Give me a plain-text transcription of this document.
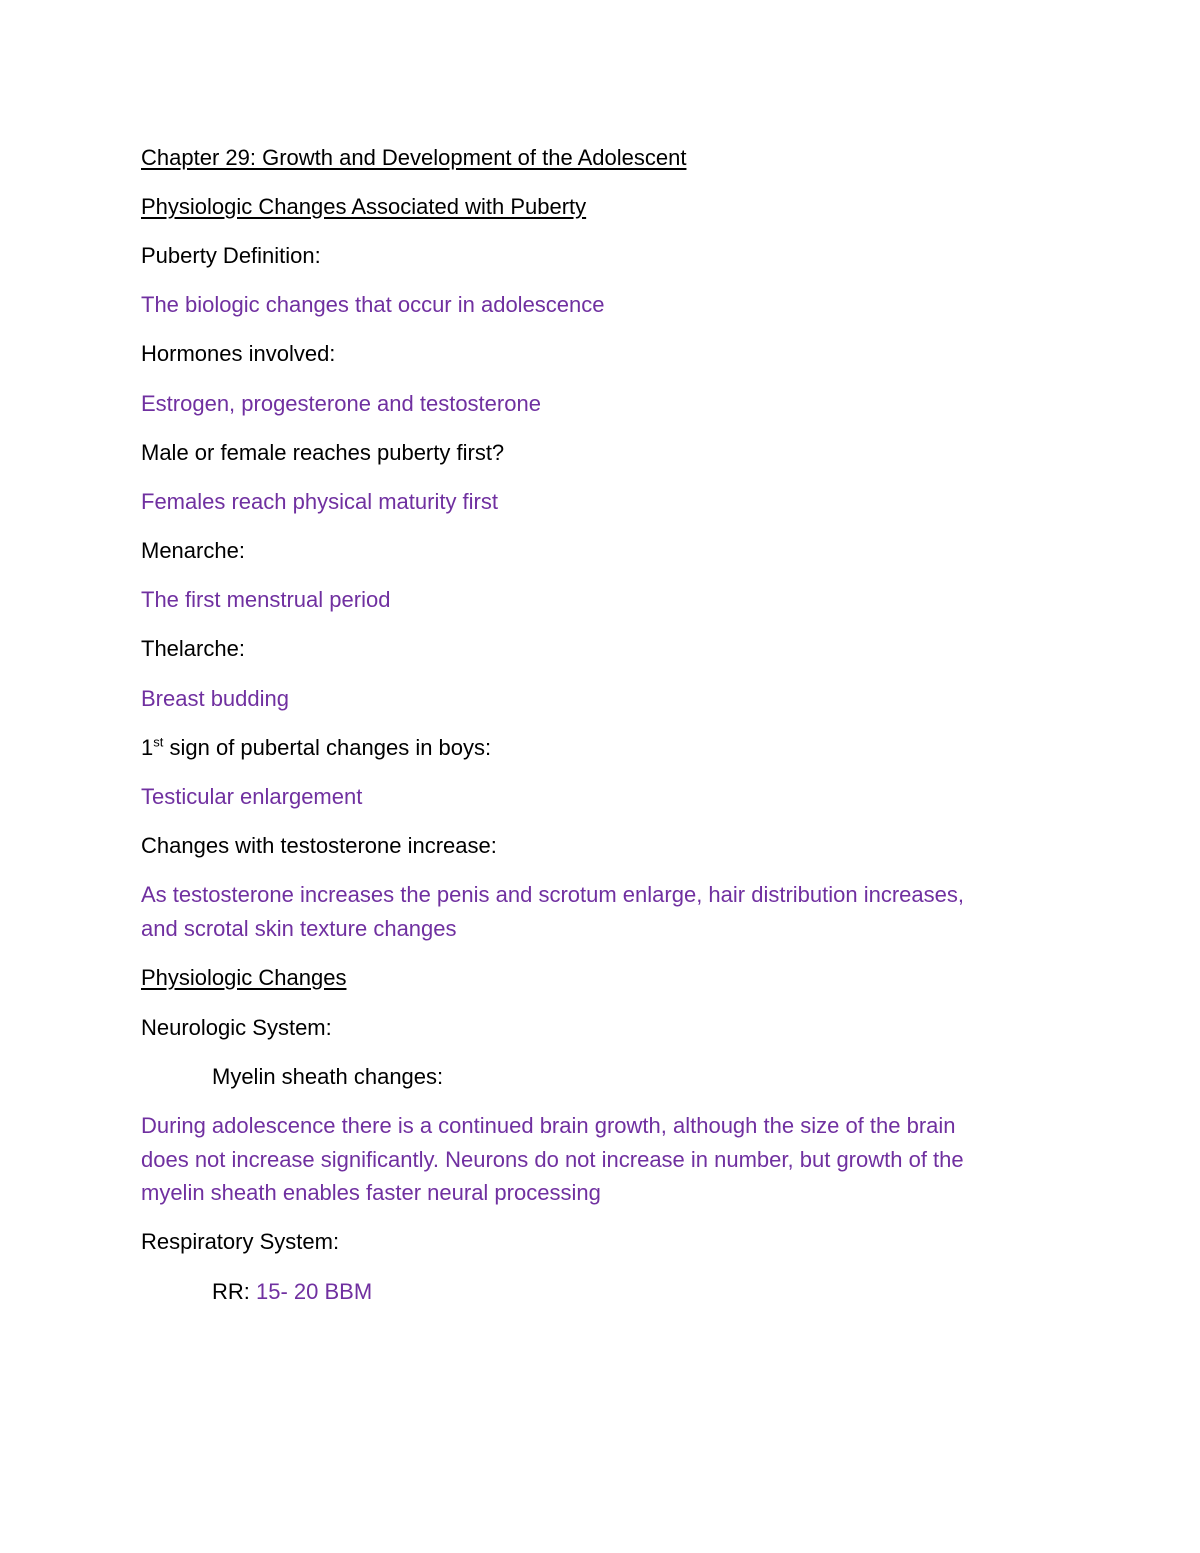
Chapter 29: Growth and Development of the Adolescent
Physiologic Changes Associated with Puberty
Puberty Definition:
The biologic changes that occur in adolescence
Hormones involved:
Estrogen, progesterone and testosterone
Male or female reaches puberty first?
Females reach physical maturity first
Menarche:
The first menstrual period
Thelarche:
Breast budding
1st sign of pubertal changes in boys:
Testicular enlargement
Changes with testosterone increase:
As testosterone increases the penis and scrotum enlarge, hair distribution increases,
and scrotal skin texture changes
Physiologic Changes
Neurologic System:
Myelin sheath changes:
During adolescence there is a continued brain growth, although the size of the brain
does not increase significantly. Neurons do not increase in number, but growth of the
myelin sheath enables faster neural processing
Respiratory System:
RR: 15- 20 BBM
